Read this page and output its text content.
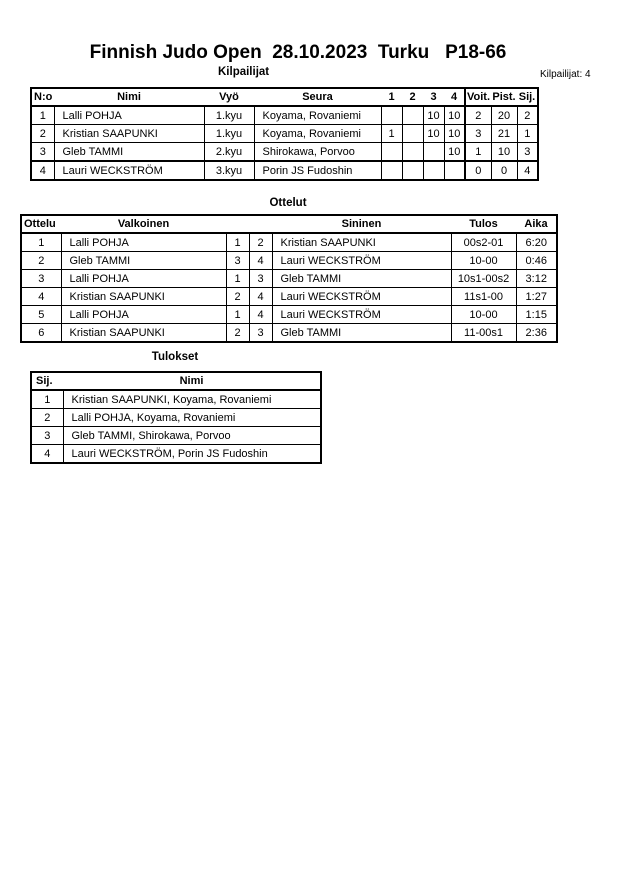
Finnish Judo Open  28.10.2023  Turku   P18-66
Kilpailijat	Kilpailijat: 4
N:o	Nimi	Vyö	Seura	1	2	3	4	Voit.	Pist.	Sij.
1	Lalli POHJA	1.kyu	Koyama, Rovaniemi			10	10	2	20	2
2	Kristian SAAPUNKI	1.kyu	Koyama, Rovaniemi	1		10	10	3	21	1
3	Gleb TAMMI	2.kyu	Shirokawa, Porvoo				10	1	10	3
4	Lauri WECKSTRÖM	3.kyu	Porin JS Fudoshin					0	0	4
Ottelut
Ottelu	Valkoinen			Sininen	Tulos	Aika
1	Lalli POHJA	1	2	Kristian SAAPUNKI	00s2-01	6:20
2	Gleb TAMMI	3	4	Lauri WECKSTRÖM	10-00	0:46
3	Lalli POHJA	1	3	Gleb TAMMI	10s1-00s2	3:12
4	Kristian SAAPUNKI	2	4	Lauri WECKSTRÖM	11s1-00	1:27
5	Lalli POHJA	1	4	Lauri WECKSTRÖM	10-00	1:15
6	Kristian SAAPUNKI	2	3	Gleb TAMMI	11-00s1	2:36
Tulokset
Sij.	Nimi
1	Kristian SAAPUNKI, Koyama, Rovaniemi
2	Lalli POHJA, Koyama, Rovaniemi
3	Gleb TAMMI, Shirokawa, Porvoo
4	Lauri WECKSTRÖM, Porin JS Fudoshin
